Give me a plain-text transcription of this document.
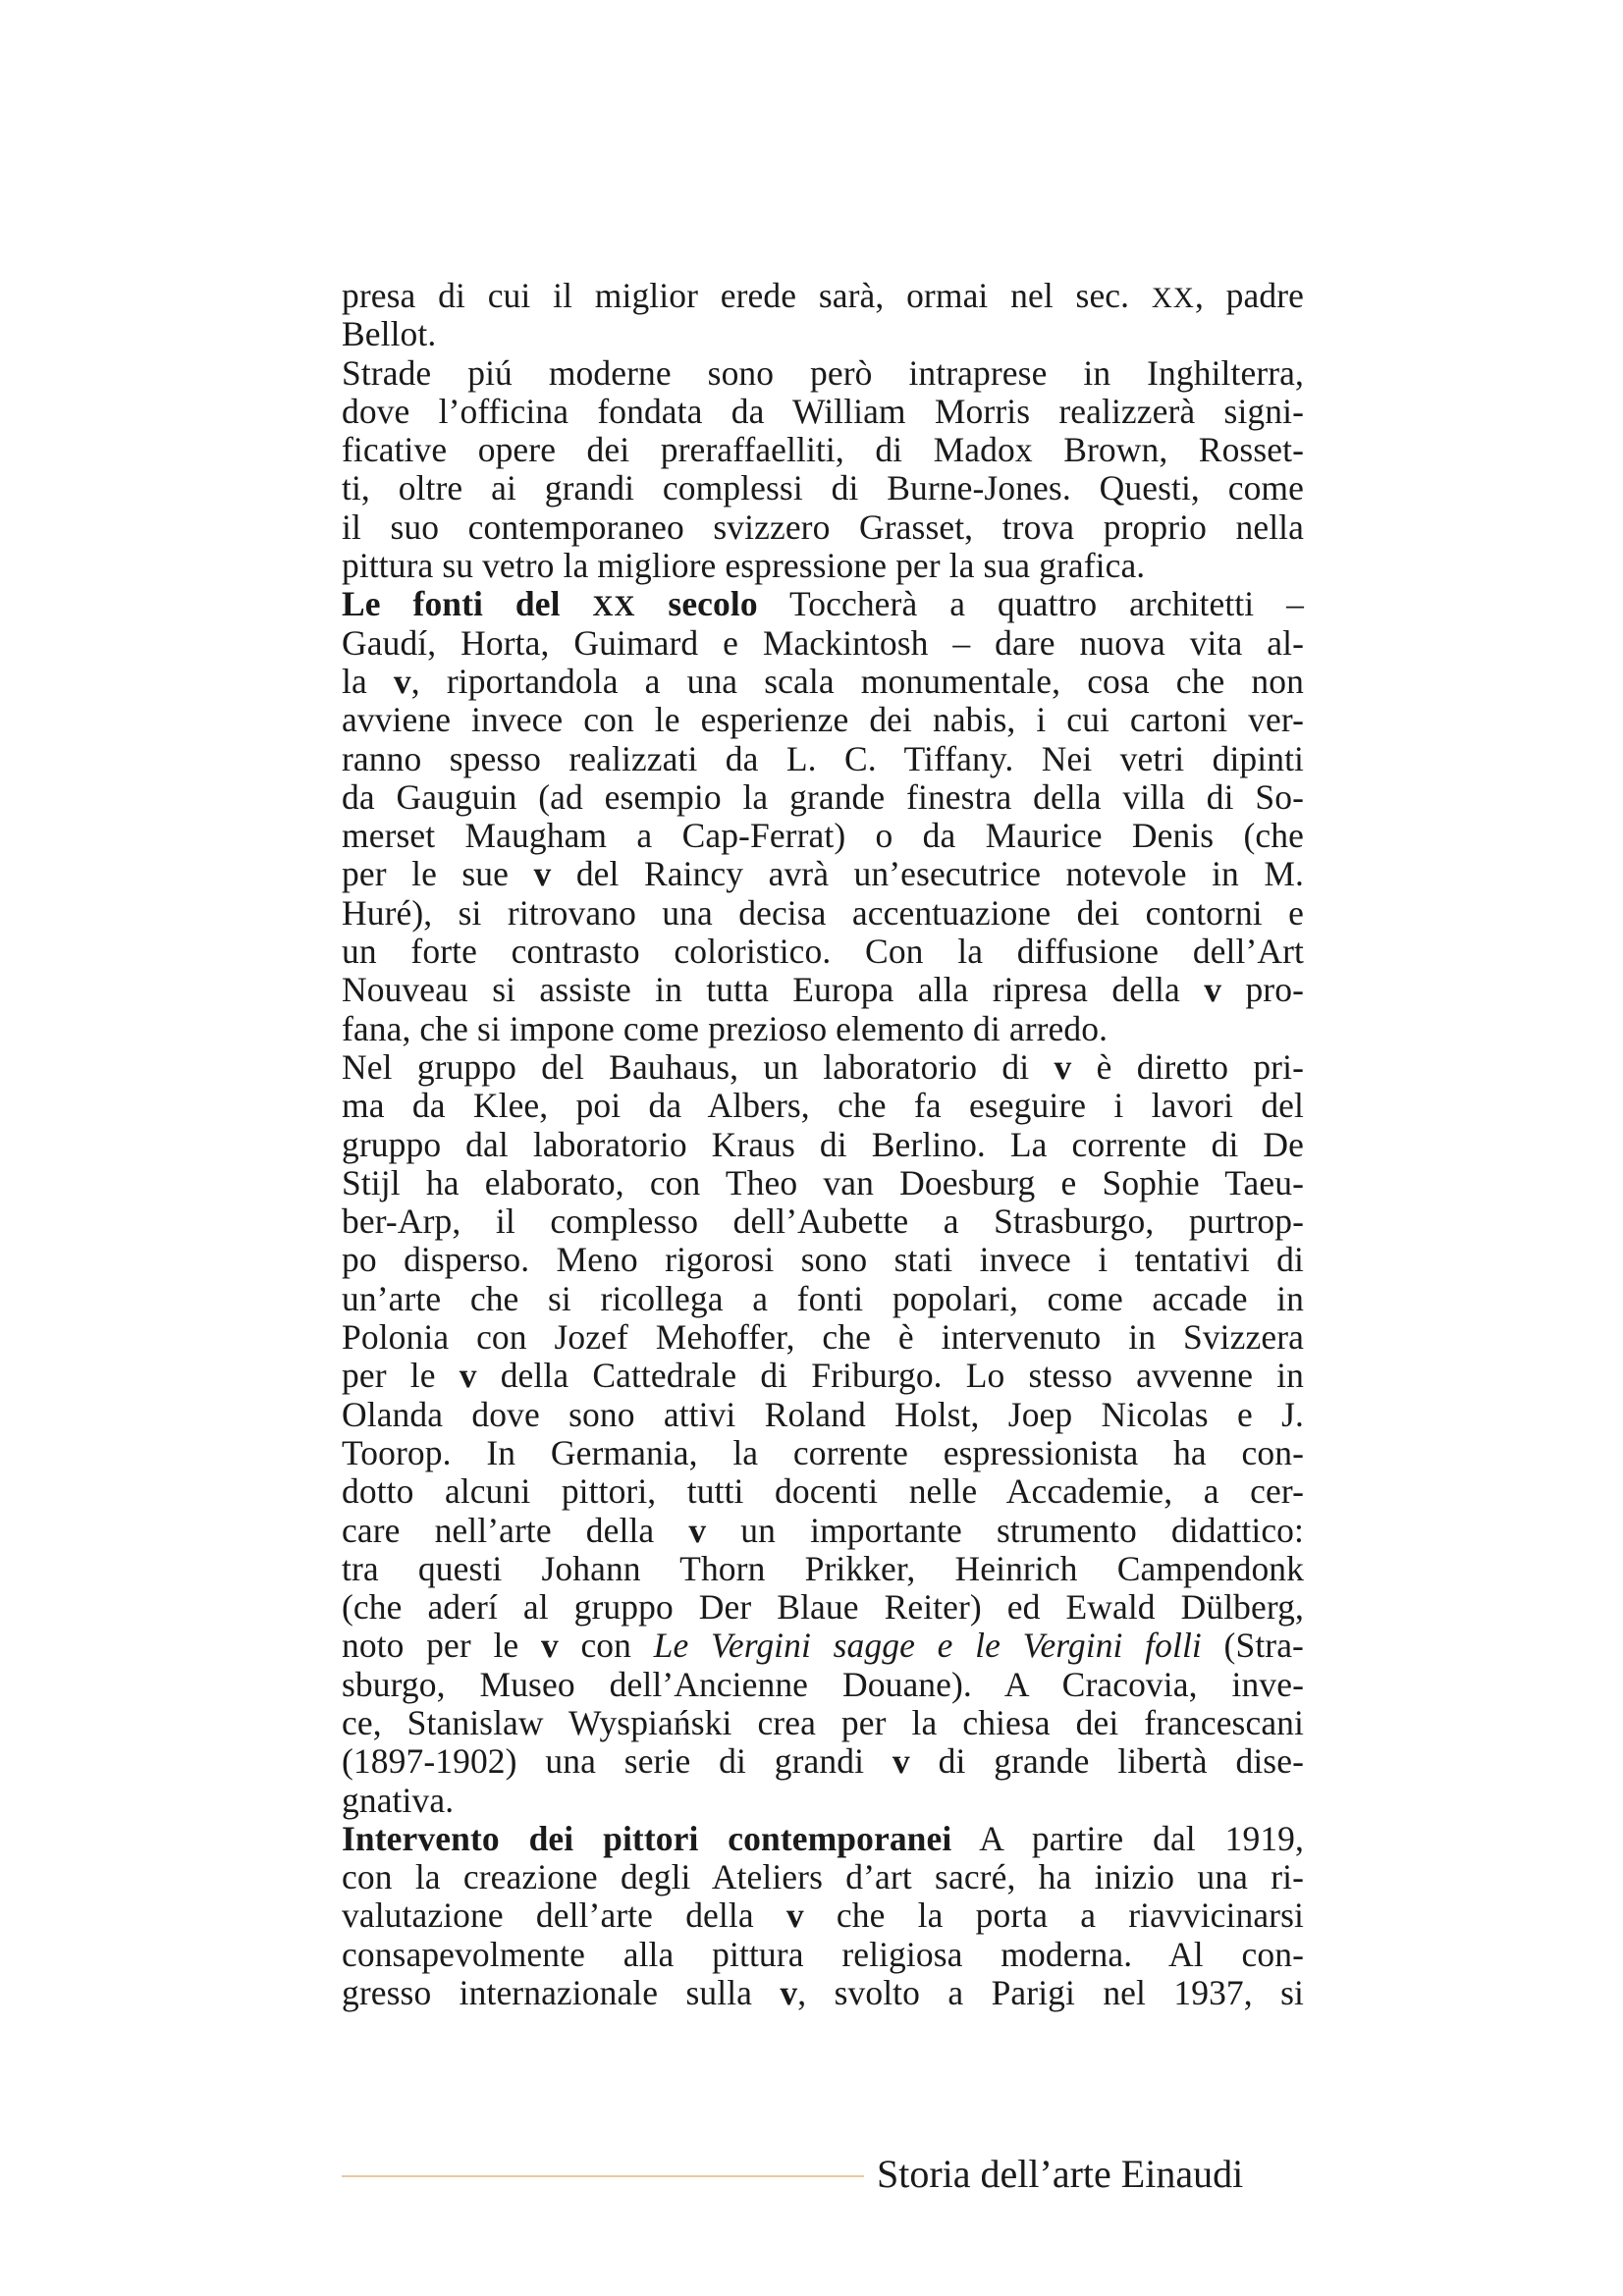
presa di cui il miglior erede sarà, ormai nel sec. XX, padre
Bellot.
Strade piú moderne sono però intraprese in Inghilterra,
dove l’officina fondata da William Morris realizzerà signi-
ficative opere dei preraffaelliti, di Madox Brown, Rosset-
ti, oltre ai grandi complessi di Burne-Jones. Questi, come
il suo contemporaneo svizzero Grasset, trova proprio nella
pittura su vetro la migliore espressione per la sua grafica.
Le fonti del XX secolo Toccherà a quattro architetti –
Gaudí, Horta, Guimard e Mackintosh – dare nuova vita al-
la v, riportandola a una scala monumentale, cosa che non
avviene invece con le esperienze dei nabis, i cui cartoni ver-
ranno spesso realizzati da L. C. Tiffany. Nei vetri dipinti
da Gauguin (ad esempio la grande finestra della villa di So-
merset Maugham a Cap-Ferrat) o da Maurice Denis (che
per le sue v del Raincy avrà un’esecutrice notevole in M.
Huré), si ritrovano una decisa accentuazione dei contorni e
un forte contrasto coloristico. Con la diffusione dell’Art
Nouveau si assiste in tutta Europa alla ripresa della v pro-
fana, che si impone come prezioso elemento di arredo.
Nel gruppo del Bauhaus, un laboratorio di v è diretto pri-
ma da Klee, poi da Albers, che fa eseguire i lavori del
gruppo dal laboratorio Kraus di Berlino. La corrente di De
Stijl ha elaborato, con Theo van Doesburg e Sophie Taeu-
ber-Arp, il complesso dell’Aubette a Strasburgo, purtrop-
po disperso. Meno rigorosi sono stati invece i tentativi di
un’arte che si ricollega a fonti popolari, come accade in
Polonia con Jozef Mehoffer, che è intervenuto in Svizzera
per le v della Cattedrale di Friburgo. Lo stesso avvenne in
Olanda dove sono attivi Roland Holst, Joep Nicolas e J.
Toorop. In Germania, la corrente espressionista ha con-
dotto alcuni pittori, tutti docenti nelle Accademie, a cer-
care nell’arte della v un importante strumento didattico:
tra questi Johann Thorn Prikker, Heinrich Campendonk
(che aderí al gruppo Der Blaue Reiter) ed Ewald Dülberg,
noto per le v con Le Vergini sagge e le Vergini folli (Stra-
sburgo, Museo dell’Ancienne Douane). A Cracovia, inve-
ce, Stanislaw Wyspiański crea per la chiesa dei francescani
(1897-1902) una serie di grandi v di grande libertà dise-
gnativa.
Intervento dei pittori contemporanei A partire dal 1919,
con la creazione degli Ateliers d’art sacré, ha inizio una ri-
valutazione dell’arte della v che la porta a riavvicinarsi
consapevolmente alla pittura religiosa moderna. Al con-
gresso internazionale sulla v, svolto a Parigi nel 1937, si
Storia dell’arte Einaudi
